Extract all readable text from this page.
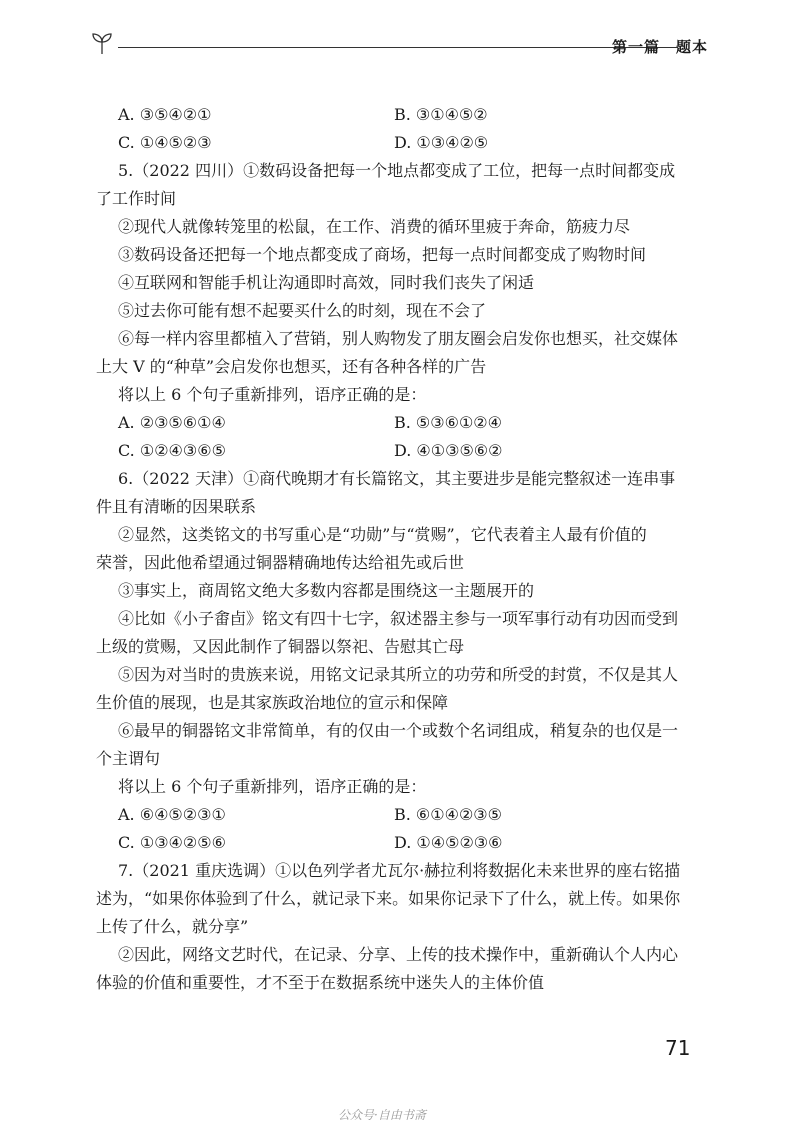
第一篇　题本
A. ③⑤④②①	B. ③①④⑤②
C. ①④⑤②③	D. ①③④②⑤
5.（2022 四川）①数码设备把每一个地点都变成了工位，把每一点时间都变成
了工作时间
②现代人就像转笼里的松鼠，在工作、消费的循环里疲于奔命，筋疲力尽
③数码设备还把每一个地点都变成了商场，把每一点时间都变成了购物时间
④互联网和智能手机让沟通即时高效，同时我们丧失了闲适
⑤过去你可能有想不起要买什么的时刻，现在不会了
⑥每一样内容里都植入了营销，别人购物发了朋友圈会启发你也想买，社交媒体
上大 V 的“种草”会启发你也想买，还有各种各样的广告
将以上 6 个句子重新排列，语序正确的是：
A. ②③⑤⑥①④	B. ⑤③⑥①②④
C. ①②④③⑥⑤	D. ④①③⑤⑥②
6.（2022 天津）①商代晚期才有长篇铭文，其主要进步是能完整叙述一连串事
件且有清晰的因果联系
②显然，这类铭文的书写重心是“功勋”与“赏赐”，它代表着主人最有价值的
荣誉，因此他希望通过铜器精确地传达给祖先或后世
③事实上，商周铭文绝大多数内容都是围绕这一主题展开的
④比如《小子畬卣》铭文有四十七字，叙述器主参与一项军事行动有功因而受到
上级的赏赐，又因此制作了铜器以祭祀、告慰其亡母
⑤因为对当时的贵族来说，用铭文记录其所立的功劳和所受的封赏，不仅是其人
生价值的展现，也是其家族政治地位的宣示和保障
⑥最早的铜器铭文非常简单，有的仅由一个或数个名词组成，稍复杂的也仅是一
个主谓句
将以上 6 个句子重新排列，语序正确的是：
A. ⑥④⑤②③①	B. ⑥①④②③⑤
C. ①③④②⑤⑥	D. ①④⑤②③⑥
7.（2021 重庆选调）①以色列学者尤瓦尔·赫拉利将数据化未来世界的座右铭描
述为，“如果你体验到了什么，就记录下来。如果你记录下了什么，就上传。如果你
上传了什么，就分享”
②因此，网络文艺时代，在记录、分享、上传的技术操作中，重新确认个人内心
体验的价值和重要性，才不至于在数据系统中迷失人的主体价值
71
公众号·自由书斋
